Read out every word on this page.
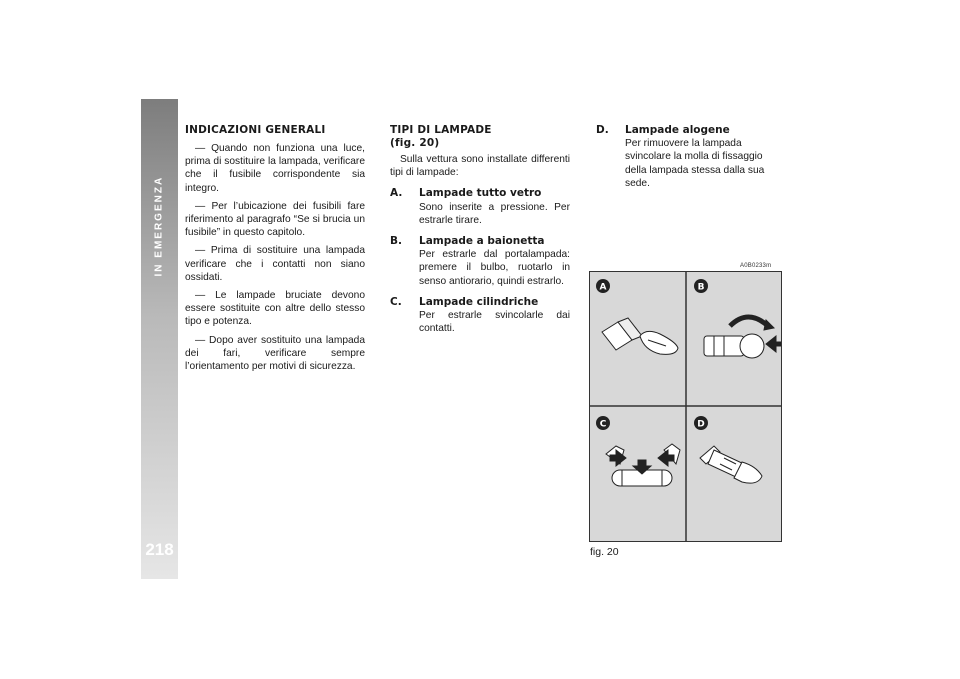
IN EMERGENZA
218
INDICAZIONI GENERALI

— Quando non funziona una luce, prima di sostituire la lampada, verificare che il fusibile corrispondente sia integro.

— Per l’ubicazione dei fusibili fare riferimento al paragrafo “Se si brucia un fusibile” in questo capitolo.

— Prima di sostituire una lampada verificare che i contatti non siano ossidati.

— Le lampade bruciate devono essere sostituite con altre dello stesso tipo e potenza.

— Dopo aver sostituito una lampada dei fari, verificare sempre l’orientamento per motivi di sicurezza.

TIPI DI LAMPADE
(fig. 20)

Sulla vettura sono installate differenti tipi di lampade:

A.	Lampade tutto vetro
Sono inserite a pressione. Per estrarle tirare.
B.	Lampade a baionetta
Per estrarle dal portalampada: premere il bulbo, ruotarlo in senso antiorario, quindi estrarlo.
C.	Lampade cilindriche
Per estrarle svincolarle dai contatti.
D.	Lampade alogene
Per rimuovere la lampada svincolare la molla di fissaggio della lampada stessa dalla sua sede.
A0B0233m
A	B
C	D
fig. 20
